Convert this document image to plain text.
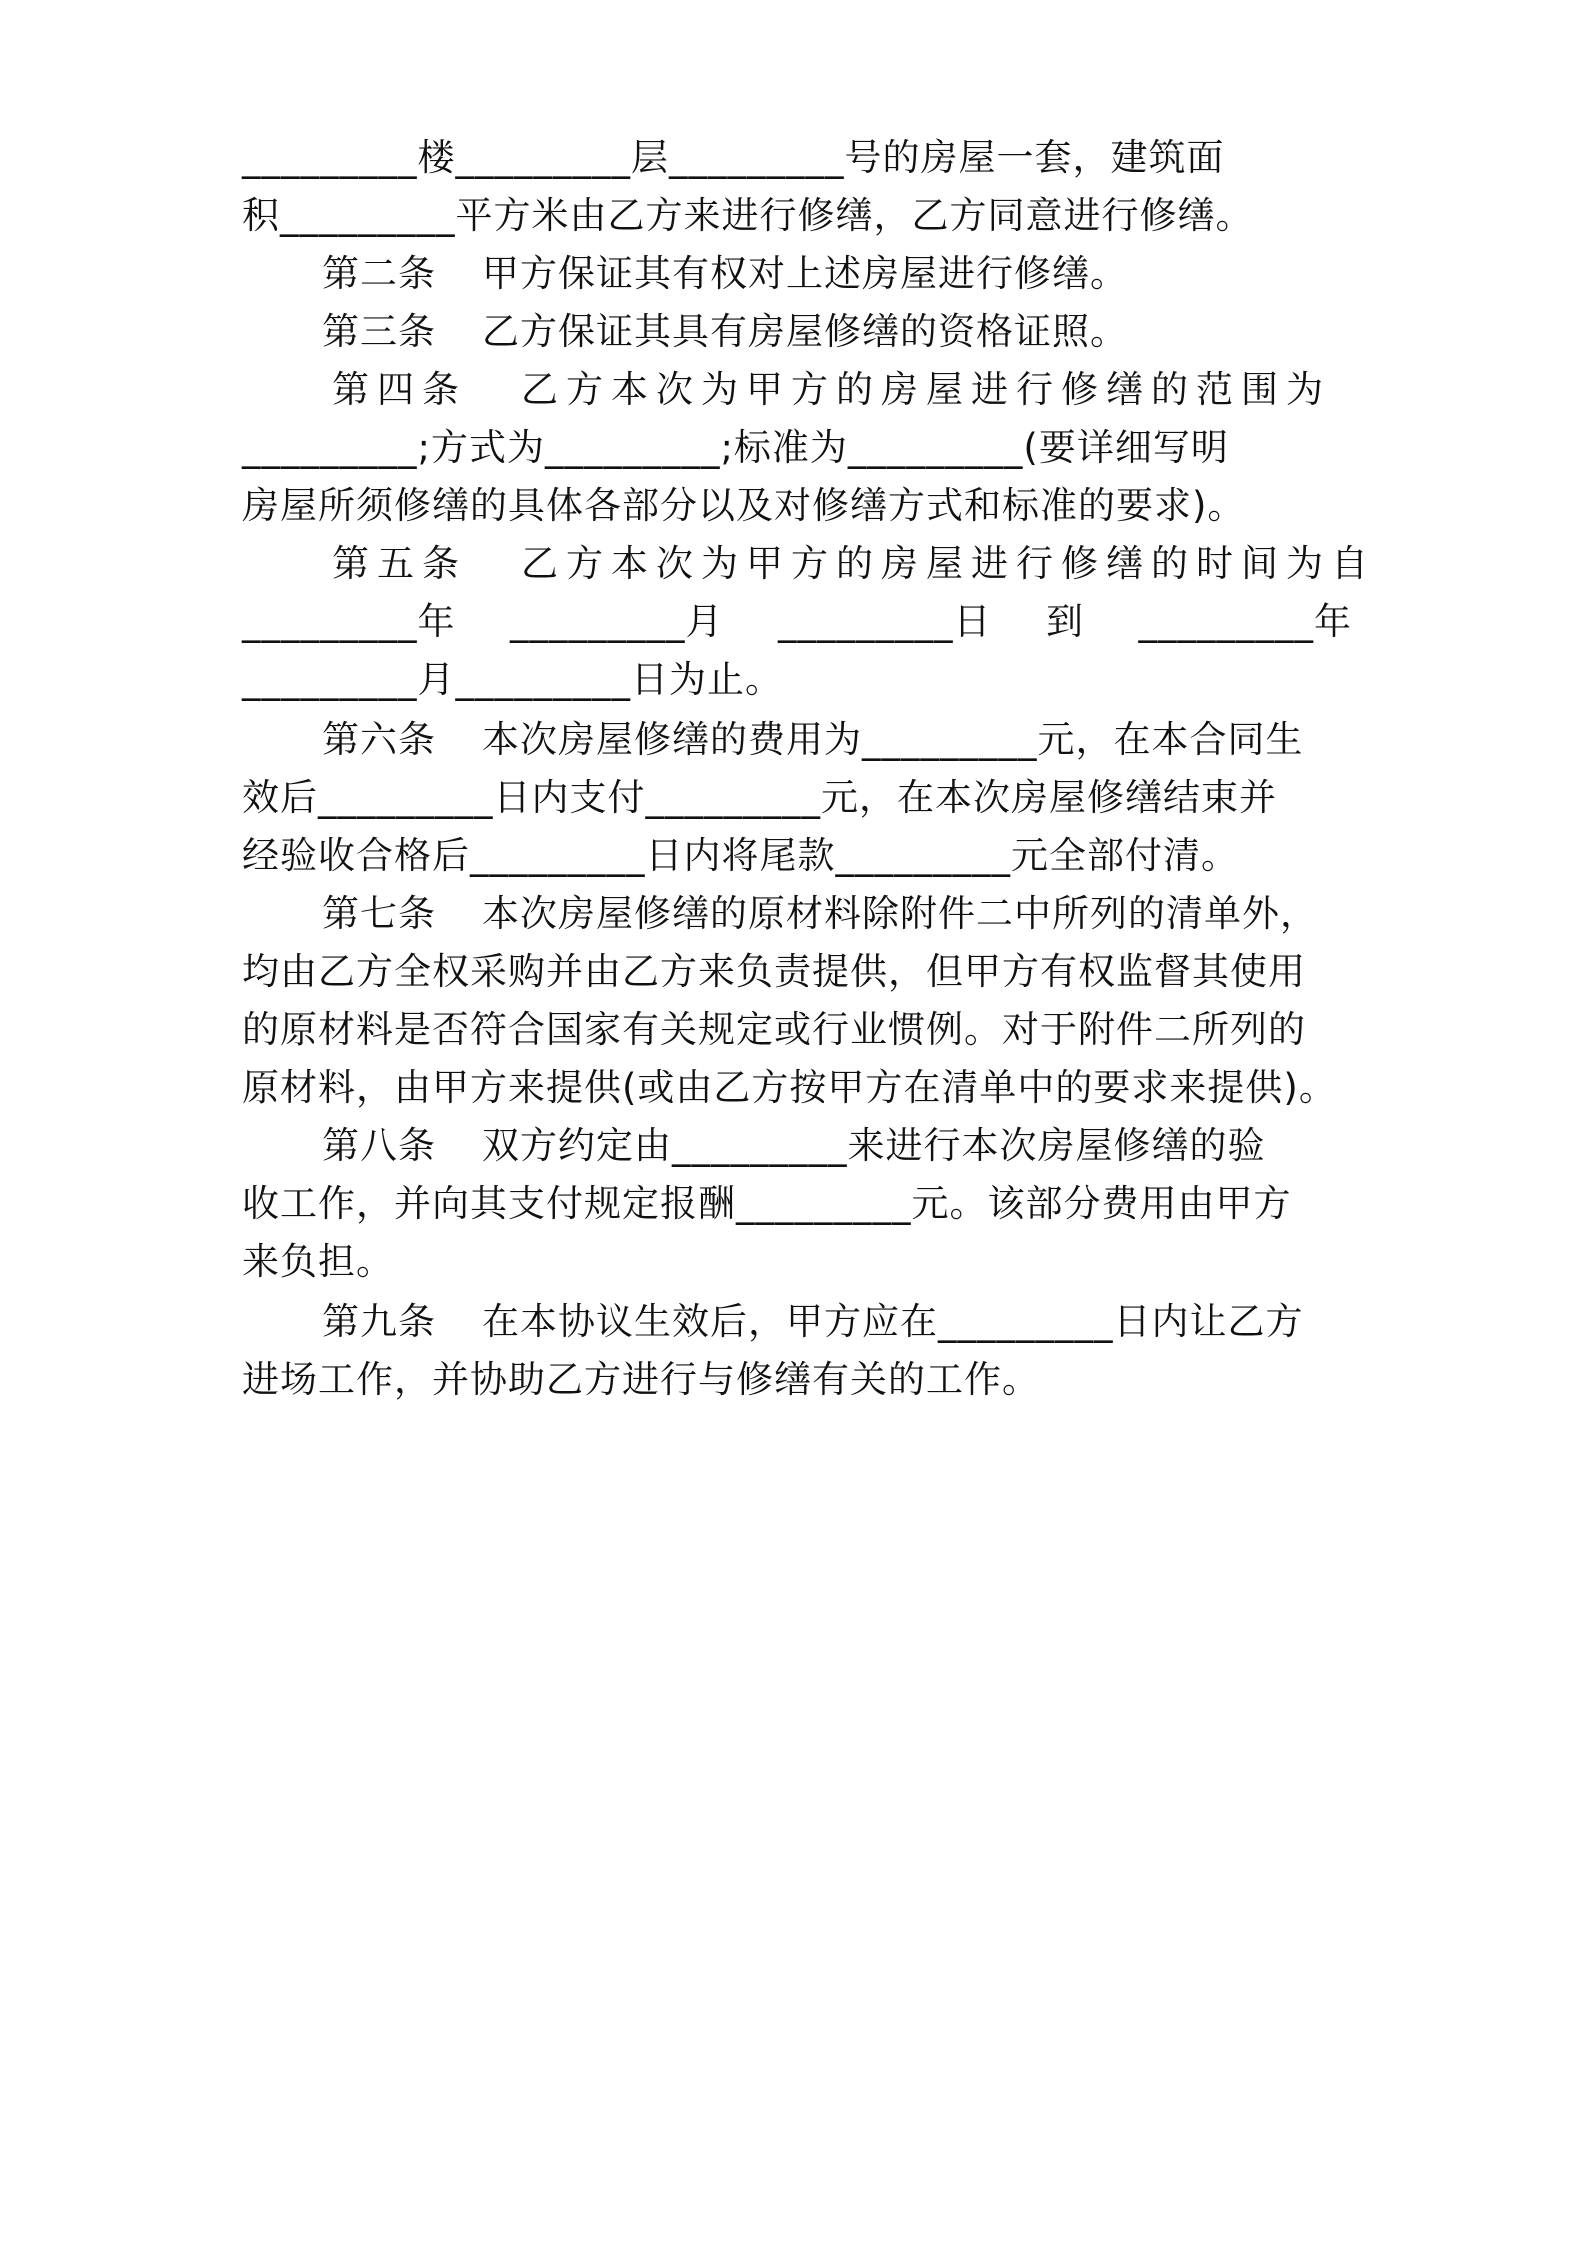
_________楼_________层_________号的房屋一套，建筑面
积_________平方米由乙方来进行修缮，乙方同意进行修缮。
第二条 甲方保证其有权对上述房屋进行修缮。
第三条 乙方保证其具有房屋修缮的资格证照。
第四条 乙方本次为甲方的房屋进行修缮的范围为
_________;方式为_________;标准为_________(要详细写明
房屋所须修缮的具体各部分以及对修缮方式和标准的要求)。
第五条 乙方本次为甲方的房屋进行修缮的时间为自
_________年 _________月 _________日 到 _________年
_________月_________日为止。
第六条 本次房屋修缮的费用为_________元，在本合同生
效后_________日内支付_________元，在本次房屋修缮结束并
经验收合格后_________日内将尾款_________元全部付清。
第七条 本次房屋修缮的原材料除附件二中所列的清单外，
均由乙方全权采购并由乙方来负责提供，但甲方有权监督其使用
的原材料是否符合国家有关规定或行业惯例。对于附件二所列的
原材料，由甲方来提供(或由乙方按甲方在清单中的要求来提供)。
第八条 双方约定由_________来进行本次房屋修缮的验
收工作，并向其支付规定报酬_________元。该部分费用由甲方
来负担。
第九条 在本协议生效后，甲方应在_________日内让乙方
进场工作，并协助乙方进行与修缮有关的工作。
